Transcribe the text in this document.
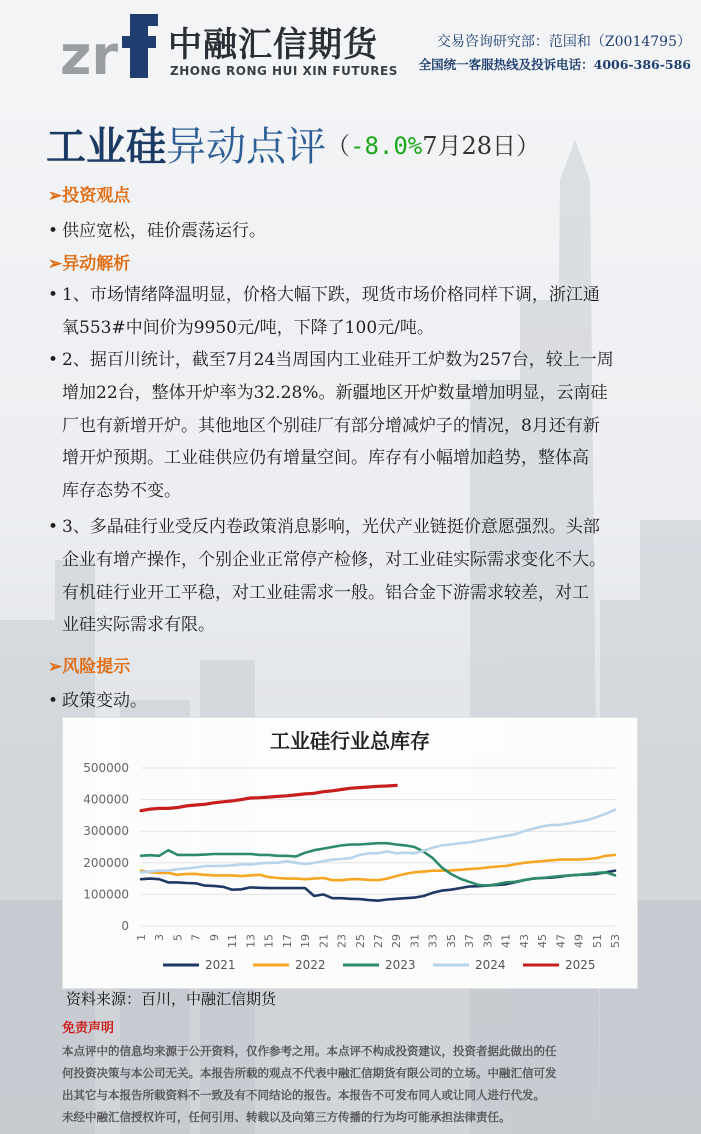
zr 中融汇信期货
ZHONG RONG HUI XIN FUTURES
交易咨询研究部：范国和（Z0014795）
全国统一客服热线及投诉电话：4006-386-586
工业硅异动点评（-8.0%7月28日）
➢投资观点
• 供应宽松，硅价震荡运行。
➢异动解析
• 1、市场情绪降温明显，价格大幅下跌，现货市场价格同样下调，浙江通
氧553#中间价为9950元/吨，下降了100元/吨。
• 2、据百川统计，截至7月24当周国内工业硅开工炉数为257台，较上一周
增加22台，整体开炉率为32.28%。新疆地区开炉数量增加明显，云南硅
厂也有新增开炉。其他地区个别硅厂有部分增减炉子的情况，8月还有新
增开炉预期。工业硅供应仍有增量空间。库存有小幅增加趋势，整体高
库存态势不变。
• 3、多晶硅行业受反内卷政策消息影响，光伏产业链挺价意愿强烈。头部
企业有增产操作，个别企业正常停产检修，对工业硅实际需求变化不大。
有机硅行业开工平稳，对工业硅需求一般。铝合金下游需求较差，对工
业硅实际需求有限。
➢风险提示
• 政策变动。
工业硅行业总库存
0
100000
200000
300000
400000
500000
1 3 5 7 9 11 13 15 17 19 21 23 25 27 29 31 33 35 37 39 41 43 45 47 49 51 53
2021	2022	2023	2024	2025
资料来源：百川，中融汇信期货
免责声明
本点评中的信息均来源于公开资料，仅作参考之用。本点评不构成投资建议，投资者据此做出的任
何投资决策与本公司无关。本报告所载的观点不代表中融汇信期货有限公司的立场。中融汇信可发
出其它与本报告所载资料不一致及有不同结论的报告。本报告不可发布同人或让同人进行代发。
未经中融汇信授权许可，任何引用、转载以及向第三方传播的行为均可能承担法律责任。
